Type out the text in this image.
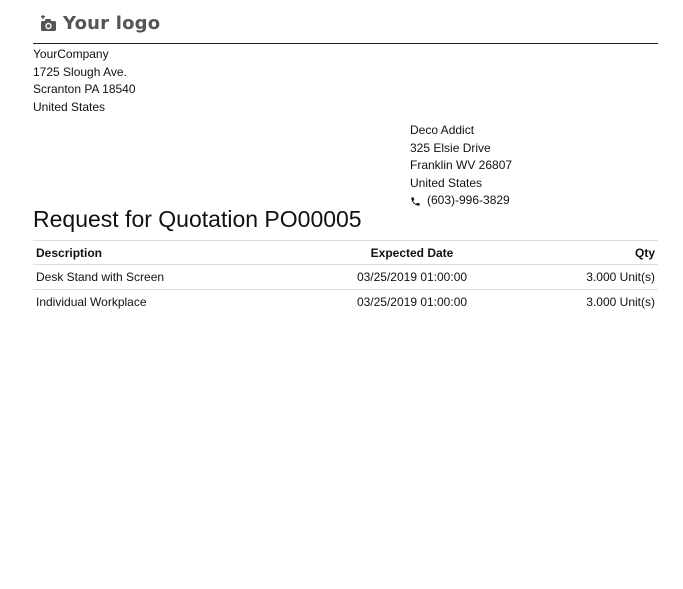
Your logo
YourCompany
1725 Slough Ave.
Scranton PA 18540
United States
Deco Addict
325 Elsie Drive
Franklin WV 26807
United States
(603)-996-3829
Request for Quotation PO00005
Description	Expected Date	Qty
Desk Stand with Screen	03/25/2019 01:00:00	3.000 Unit(s)
Individual Workplace	03/25/2019 01:00:00	3.000 Unit(s)
